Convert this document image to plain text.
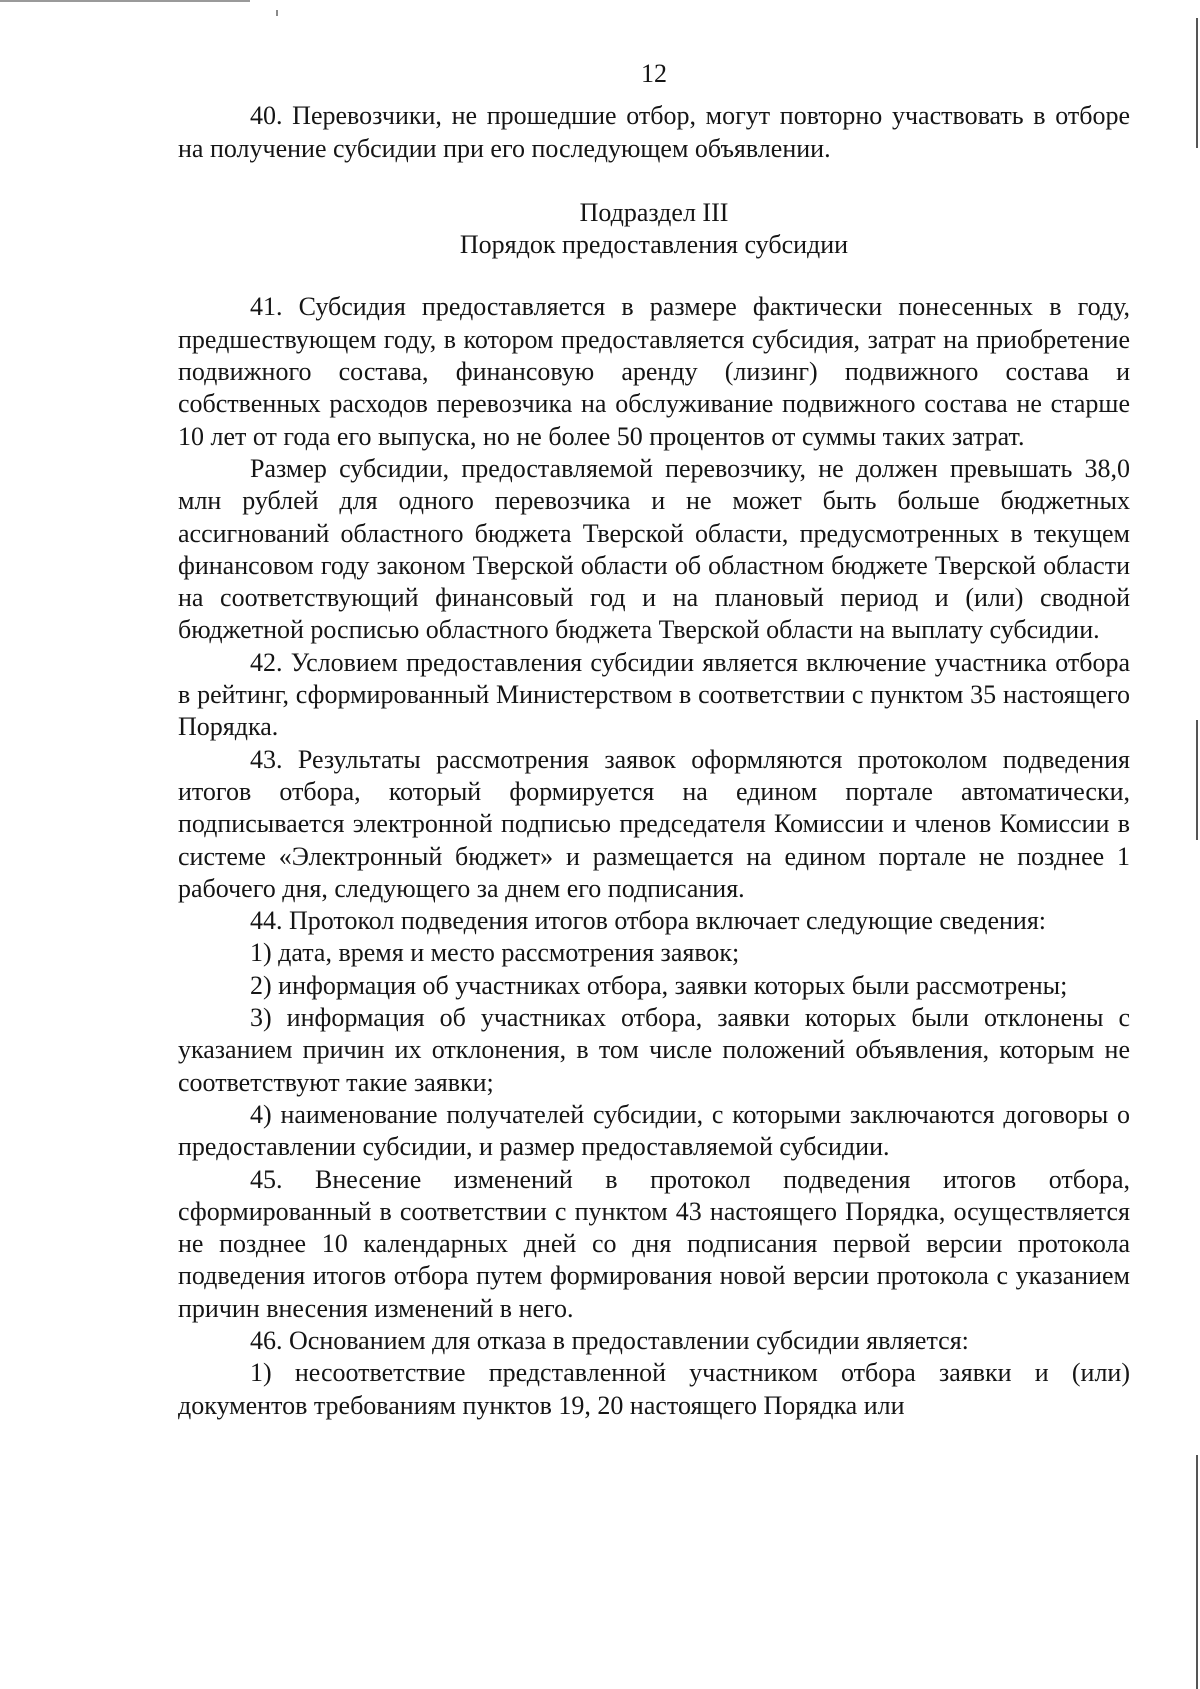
12

40. Перевозчики, не прошедшие отбор, могут повторно участвовать в отборе на получение субсидии при его последующем объявлении.

Подраздел III
Порядок предоставления субсидии

41. Субсидия предоставляется в размере фактически понесенных в году, предшествующем году, в котором предоставляется субсидия, затрат на приобретение подвижного состава, финансовую аренду (лизинг) подвижного состава и собственных расходов перевозчика на обслуживание подвижного состава не старше 10 лет от года его выпуска, но не более 50 процентов от суммы таких затрат.

Размер субсидии, предоставляемой перевозчику, не должен превышать 38,0 млн рублей для одного перевозчика и не может быть больше бюджетных ассигнований областного бюджета Тверской области, предусмотренных в текущем финансовом году законом Тверской области об областном бюджете Тверской области на соответствующий финансовый год и на плановый период и (или) сводной бюджетной росписью областного бюджета Тверской области на выплату субсидии.

42. Условием предоставления субсидии является включение участника отбора в рейтинг, сформированный Министерством в соответствии с пунктом 35 настоящего Порядка.

43. Результаты рассмотрения заявок оформляются протоколом подведения итогов отбора, который формируется на едином портале автоматически, подписывается электронной подписью председателя Комиссии и членов Комиссии в системе «Электронный бюджет» и размещается на едином портале не позднее 1 рабочего дня, следующего за днем его подписания.

44. Протокол подведения итогов отбора включает следующие сведения:

1) дата, время и место рассмотрения заявок;

2) информация об участниках отбора, заявки которых были рассмотрены;

3) информация об участниках отбора, заявки которых были отклонены с указанием причин их отклонения, в том числе положений объявления, которым не соответствуют такие заявки;

4) наименование получателей субсидии, с которыми заключаются договоры о предоставлении субсидии, и размер предоставляемой субсидии.

45. Внесение изменений в протокол подведения итогов отбора, сформированный в соответствии с пунктом 43 настоящего Порядка, осуществляется не позднее 10 календарных дней со дня подписания первой версии протокола подведения итогов отбора путем формирования новой версии протокола с указанием причин внесения изменений в него.

46. Основанием для отказа в предоставлении субсидии является:

1) несоответствие представленной участником отбора заявки и (или) документов требованиям пунктов 19, 20 настоящего Порядка или
